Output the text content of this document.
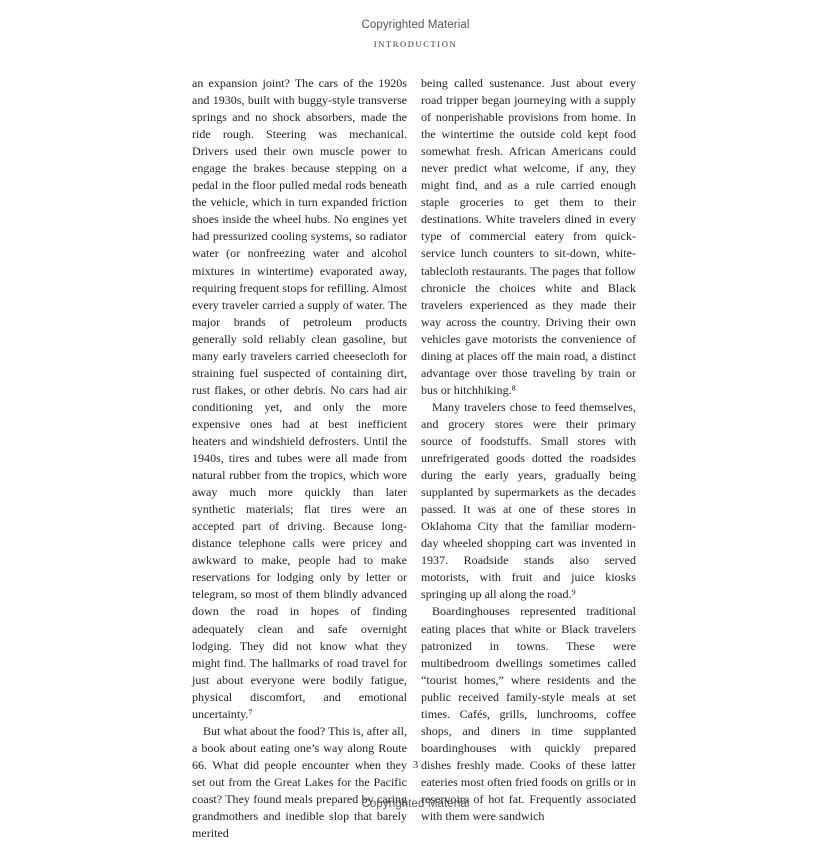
Copyrighted Material
INTRODUCTION

an expansion joint? The cars of the 1920s and 1930s, built with buggy-style transverse springs and no shock absorbers, made the ride rough. Steering was mechanical. Drivers used their own muscle power to engage the brakes because stepping on a pedal in the floor pulled medal rods beneath the vehicle, which in turn expanded friction shoes inside the wheel hubs. No engines yet had pressurized cooling systems, so radiator water (or nonfreezing water and alcohol mixtures in wintertime) evaporated away, requiring frequent stops for refilling. Almost every traveler carried a supply of water. The major brands of petroleum products generally sold reliably clean gasoline, but many early travelers carried cheesecloth for straining fuel suspected of containing dirt, rust flakes, or other debris. No cars had air conditioning yet, and only the more expensive ones had at best inefficient heaters and windshield defrosters. Until the 1940s, tires and tubes were all made from natural rubber from the tropics, which wore away much more quickly than later synthetic materials; flat tires were an accepted part of driving. Because long-distance telephone calls were pricey and awkward to make, people had to make reservations for lodging only by letter or telegram, so most of them blindly advanced down the road in hopes of finding adequately clean and safe overnight lodging. They did not know what they might find. The hallmarks of road travel for just about everyone were bodily fatigue, physical discomfort, and emotional uncertainty.⁷

But what about the food? This is, after all, a book about eating one’s way along Route 66. What did people encounter when they set out from the Great Lakes for the Pacific coast? They found meals prepared by caring grandmothers and inedible slop that barely merited

being called sustenance. Just about every road tripper began journeying with a supply of nonperishable provisions from home. In the wintertime the outside cold kept food somewhat fresh. African Americans could never predict what welcome, if any, they might find, and as a rule carried enough staple groceries to get them to their destinations. White travelers dined in every type of commercial eatery from quick-service lunch counters to sit-down, white-tablecloth restaurants. The pages that follow chronicle the choices white and Black travelers experienced as they made their way across the country. Driving their own vehicles gave motorists the convenience of dining at places off the main road, a distinct advantage over those traveling by train or bus or hitchhiking.⁸

Many travelers chose to feed themselves, and grocery stores were their primary source of foodstuffs. Small stores with unrefrigerated goods dotted the roadsides during the early years, gradually being supplanted by supermarkets as the decades passed. It was at one of these stores in Oklahoma City that the familiar modern-day wheeled shopping cart was invented in 1937. Roadside stands also served motorists, with fruit and juice kiosks springing up all along the road.⁹

Boardinghouses represented traditional eating places that white or Black travelers patronized in towns. These were multibedroom dwellings sometimes called “tourist homes,” where residents and the public received family-style meals at set times. Cafés, grills, lunchrooms, coffee shops, and diners in time supplanted boardinghouses with quickly prepared dishes freshly made. Cooks of these latter eateries most often fried foods on grills or in reservoirs of hot fat. Frequently associated with them were sandwich

3
Copyrighted Material
